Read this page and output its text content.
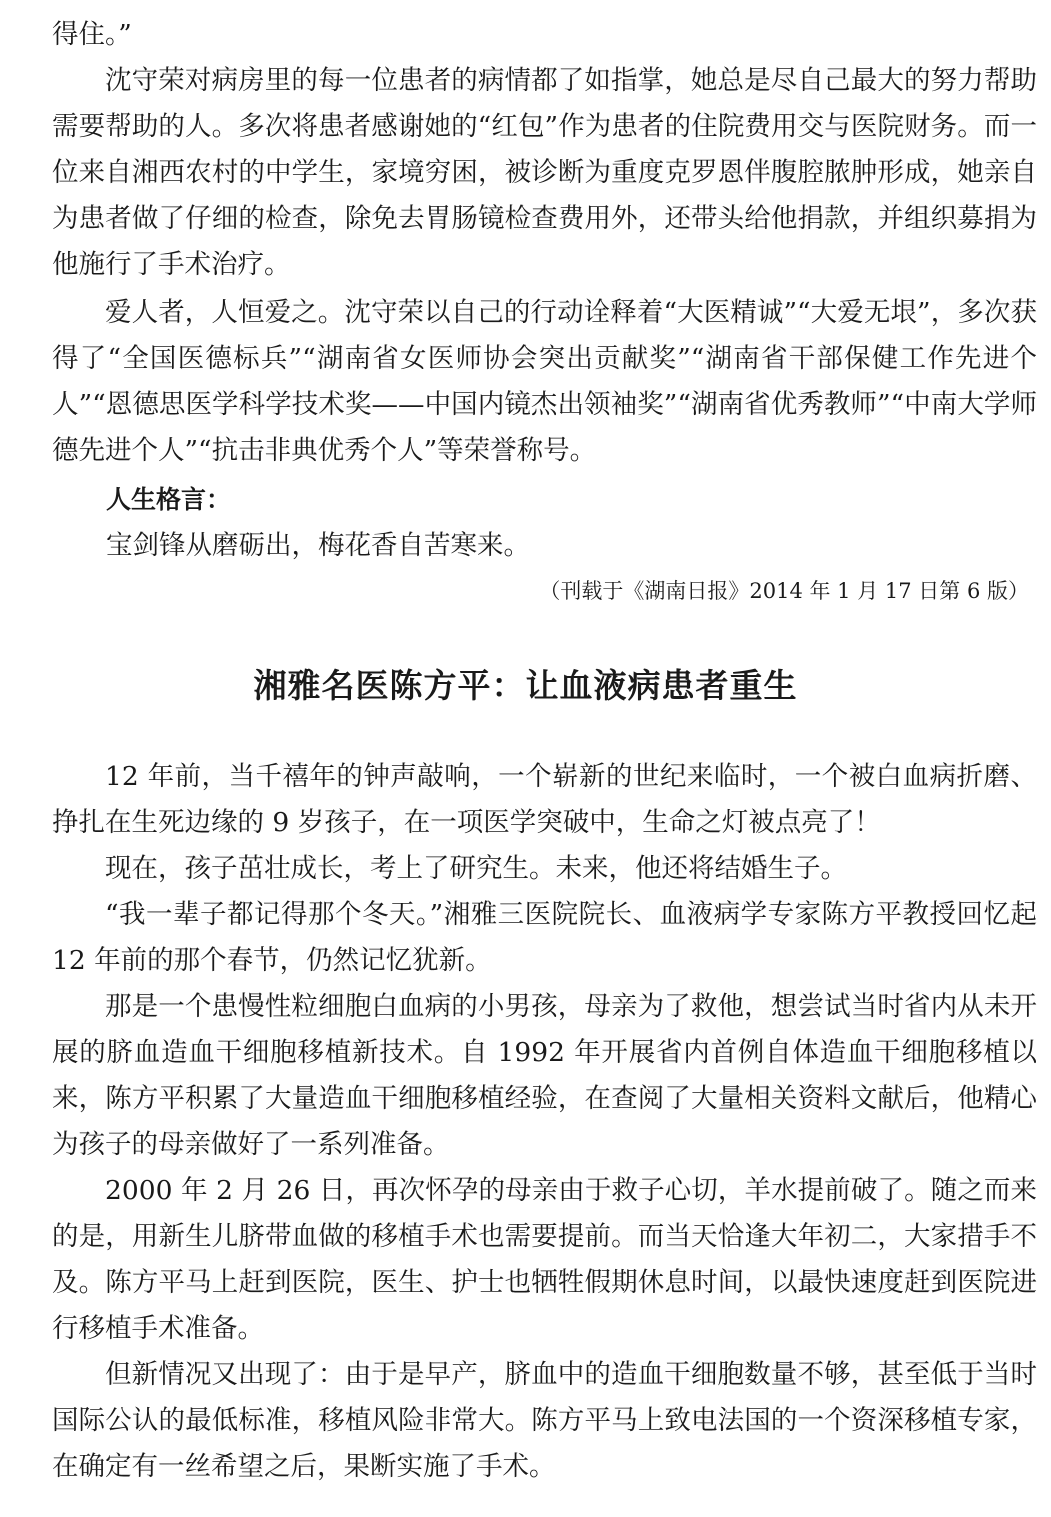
得住。”

沈守荣对病房里的每一位患者的病情都了如指掌，她总是尽自己最大的努力帮助需要帮助的人。多次将患者感谢她的“红包”作为患者的住院费用交与医院财务。而一位来自湘西农村的中学生，家境穷困，被诊断为重度克罗恩伴腹腔脓肿形成，她亲自为患者做了仔细的检查，除免去胃肠镜检查费用外，还带头给他捐款，并组织募捐为他施行了手术治疗。

爱人者，人恒爱之。沈守荣以自己的行动诠释着“大医精诚”“大爱无垠”，多次获得了“全国医德标兵”“湖南省女医师协会突出贡献奖”“湖南省干部保健工作先进个人”“恩德思医学科学技术奖——中国内镜杰出领袖奖”“湖南省优秀教师”“中南大学师德先进个人”“抗击非典优秀个人”等荣誉称号。

人生格言：
宝剑锋从磨砺出，梅花香自苦寒来。
（刊载于《湖南日报》2014 年 1 月 17 日第 6 版）
湘雅名医陈方平：让血液病患者重生

12 年前，当千禧年的钟声敲响，一个崭新的世纪来临时，一个被白血病折磨、挣扎在生死边缘的 9 岁孩子，在一项医学突破中，生命之灯被点亮了！

现在，孩子茁壮成长，考上了研究生。未来，他还将结婚生子。

“我一辈子都记得那个冬天。”湘雅三医院院长、血液病学专家陈方平教授回忆起 12 年前的那个春节，仍然记忆犹新。

那是一个患慢性粒细胞白血病的小男孩，母亲为了救他，想尝试当时省内从未开展的脐血造血干细胞移植新技术。自 1992 年开展省内首例自体造血干细胞移植以来，陈方平积累了大量造血干细胞移植经验，在查阅了大量相关资料文献后，他精心为孩子的母亲做好了一系列准备。

2000 年 2 月 26 日，再次怀孕的母亲由于救子心切，羊水提前破了。随之而来的是，用新生儿脐带血做的移植手术也需要提前。而当天恰逢大年初二，大家措手不及。陈方平马上赶到医院，医生、护士也牺牲假期休息时间，以最快速度赶到医院进行移植手术准备。

但新情况又出现了：由于是早产，脐血中的造血干细胞数量不够，甚至低于当时国际公认的最低标准，移植风险非常大。陈方平马上致电法国的一个资深移植专家，在确定有一丝希望之后，果断实施了手术。
